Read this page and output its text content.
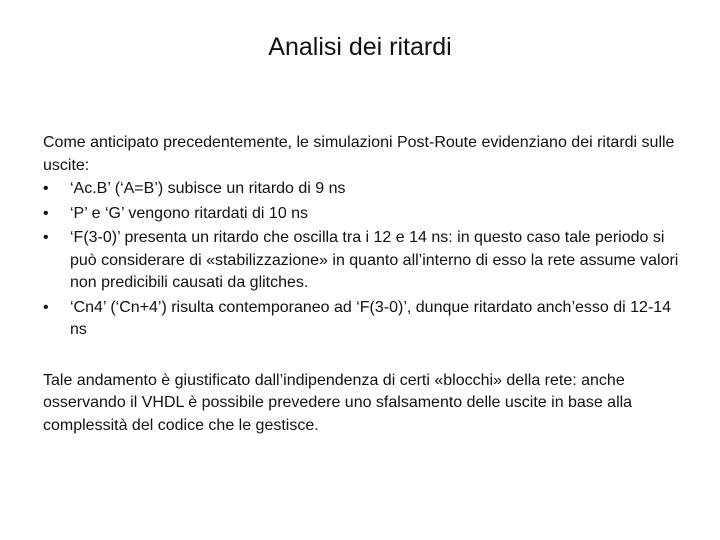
Analisi dei ritardi

Come anticipato precedentemente, le simulazioni Post-Route evidenziano dei ritardi sulle uscite:

•	‘Ac.B’ (‘A=B’) subisce un ritardo di 9 ns
•	‘P’ e ‘G’ vengono ritardati di 10 ns
•	‘F(3-0)’ presenta un ritardo che oscilla tra i 12 e 14 ns: in questo caso tale periodo si può considerare di «stabilizzazione» in quanto all’interno di esso la rete assume valori non predicibili causati da glitches.
•	‘Cn4’ (‘Cn+4’) risulta contemporaneo ad ‘F(3-0)’, dunque ritardato anch’esso di 12-14 ns

Tale andamento è giustificato dall’indipendenza di certi «blocchi» della rete: anche osservando il VHDL è possibile prevedere uno sfalsamento delle uscite in base alla complessità del codice che le gestisce.
